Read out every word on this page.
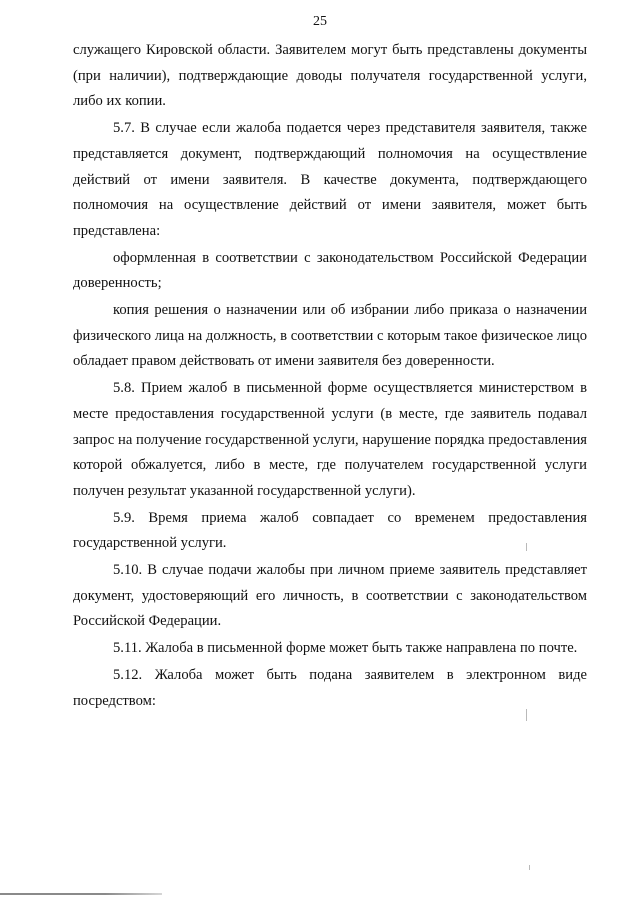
25

служащего Кировской области. Заявителем могут быть представлены документы (при наличии), подтверждающие доводы получателя государственной услуги, либо их копии.

5.7. В случае если жалоба подается через представителя заявителя, также представляется документ, подтверждающий полномочия на осуществление действий от имени заявителя. В качестве документа, подтверждающего полномочия на осуществление действий от имени заявителя, может быть представлена:

оформленная в соответствии с законодательством Российской Федерации доверенность;

копия решения о назначении или об избрании либо приказа о назначении физического лица на должность, в соответствии с которым такое физическое лицо обладает правом действовать от имени заявителя без доверенности.

5.8. Прием жалоб в письменной форме осуществляется министерством в месте предоставления государственной услуги (в месте, где заявитель подавал запрос на получение государственной услуги, нарушение порядка предоставления которой обжалуется, либо в месте, где получателем государственной услуги получен результат указанной государственной услуги).

5.9. Время приема жалоб совпадает со временем предоставления государственной услуги.

5.10. В случае подачи жалобы при личном приеме заявитель представляет документ, удостоверяющий его личность, в соответствии с законодательством Российской Федерации.

5.11. Жалоба в письменной форме может быть также направлена по почте.

5.12. Жалоба может быть подана заявителем в электронном виде посредством:
